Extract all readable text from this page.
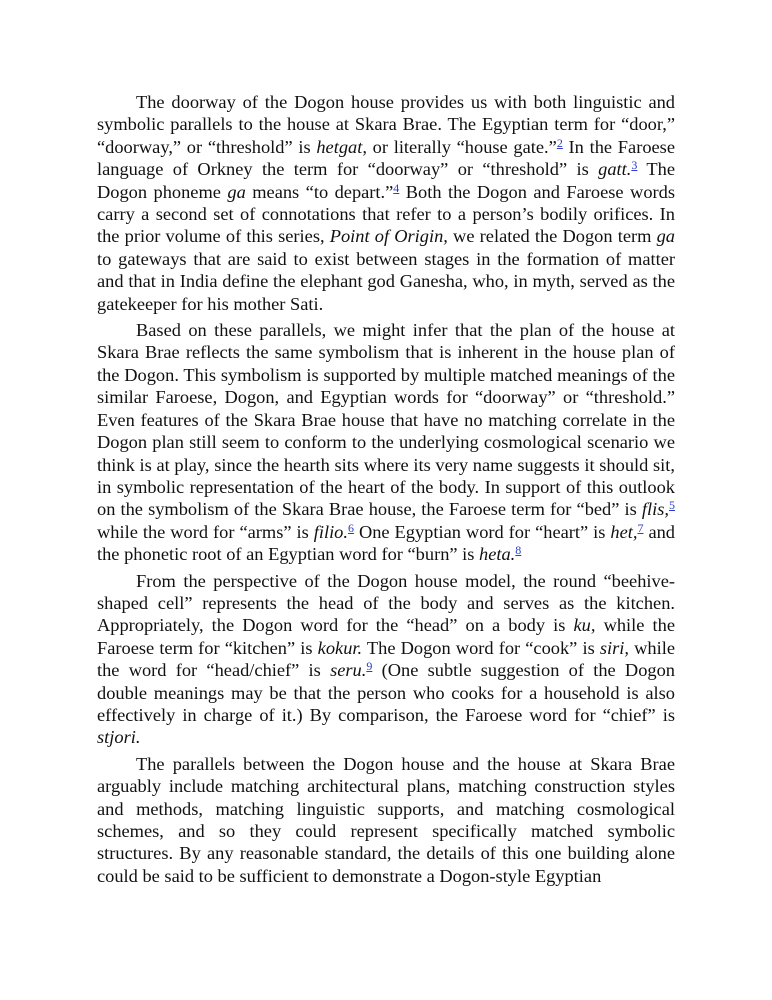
The doorway of the Dogon house provides us with both linguistic and symbolic parallels to the house at Skara Brae. The Egyptian term for “door,” “doorway,” or “threshold” is hetgat, or literally “house gate.”$^2$ In the Faroese language of Orkney the term for “doorway” or “threshold” is gatt.$^3$ The Dogon phoneme ga means “to depart.”$^4$ Both the Dogon and Faroese words carry a second set of connotations that refer to a person’s bodily orifices. In the prior volume of this series, Point of Origin, we related the Dogon term ga to gateways that are said to exist between stages in the formation of matter and that in India define the elephant god Ganesha, who, in myth, served as the gatekeeper for his mother Sati.

Based on these parallels, we might infer that the plan of the house at Skara Brae reflects the same symbolism that is inherent in the house plan of the Dogon. This symbolism is supported by multiple matched meanings of the similar Faroese, Dogon, and Egyptian words for “doorway” or “threshold.” Even features of the Skara Brae house that have no matching correlate in the Dogon plan still seem to conform to the underlying cosmological scenario we think is at play, since the hearth sits where its very name suggests it should sit, in symbolic representation of the heart of the body. In support of this outlook on the symbolism of the Skara Brae house, the Faroese term for “bed” is flis,$^5$ while the word for “arms” is filio.$^6$ One Egyptian word for “heart” is het,$^7$ and the phonetic root of an Egyptian word for “burn” is heta.$^8$

From the perspective of the Dogon house model, the round “beehive-shaped cell” represents the head of the body and serves as the kitchen. Appropriately, the Dogon word for the “head” on a body is ku, while the Faroese term for “kitchen” is kokur. The Dogon word for “cook” is siri, while the word for “head/chief” is seru.$^9$ (One subtle suggestion of the Dogon double meanings may be that the person who cooks for a household is also effectively in charge of it.) By comparison, the Faroese word for “chief” is stjori.

The parallels between the Dogon house and the house at Skara Brae arguably include matching architectural plans, matching construction styles and methods, matching linguistic supports, and matching cosmological schemes, and so they could represent specifically matched symbolic structures. By any reasonable standard, the details of this one building alone could be said to be sufficient to demonstrate a Dogon-style Egyptian
